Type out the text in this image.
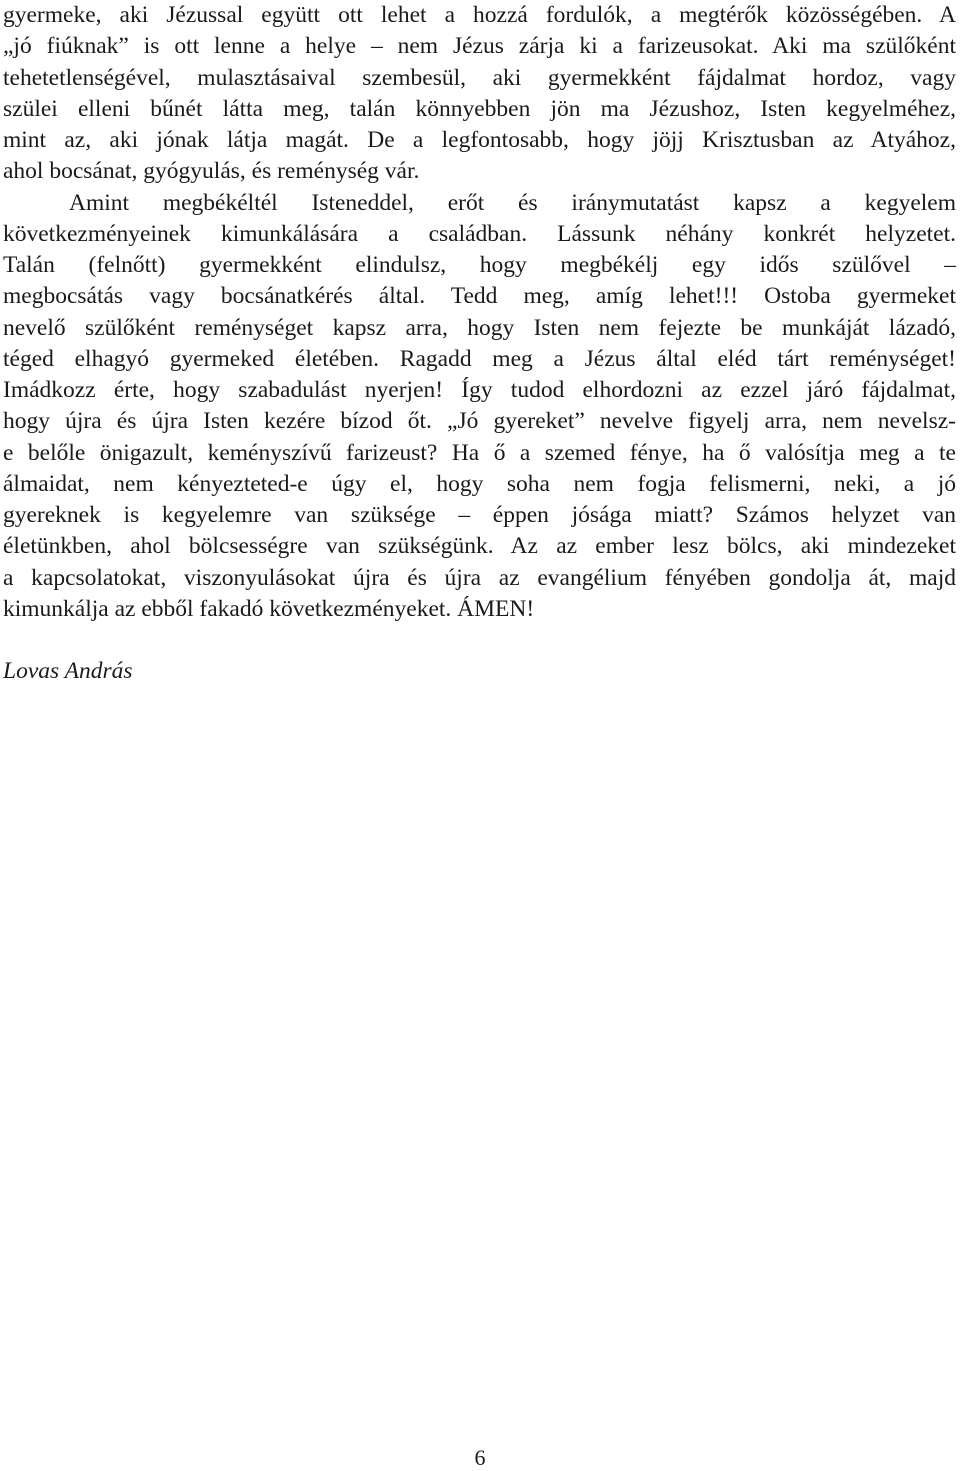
gyermeke, aki Jézussal együtt ott lehet a hozzá fordulók, a megtérők közösségében. A
„jó fiúknak” is ott lenne a helye – nem Jézus zárja ki a farizeusokat. Aki ma szülőként
tehetetlenségével, mulasztásaival szembesül, aki gyermekként fájdalmat hordoz, vagy
szülei elleni bűnét látta meg, talán könnyebben jön ma Jézushoz, Isten kegyelméhez,
mint az, aki jónak látja magát. De a legfontosabb, hogy jöjj Krisztusban az Atyához,
ahol bocsánat, gyógyulás, és reménység vár.
Amint megbékéltél Isteneddel, erőt és iránymutatást kapsz a kegyelem
következményeinek kimunkálására a családban. Lássunk néhány konkrét helyzetet.
Talán (felnőtt) gyermekként elindulsz, hogy megbékélj egy idős szülővel –
megbocsátás vagy bocsánatkérés által. Tedd meg, amíg lehet!!! Ostoba gyermeket
nevelő szülőként reménységet kapsz arra, hogy Isten nem fejezte be munkáját lázadó,
téged elhagyó gyermeked életében. Ragadd meg a Jézus által eléd tárt reménységet!
Imádkozz érte, hogy szabadulást nyerjen! Így tudod elhordozni az ezzel járó fájdalmat,
hogy újra és újra Isten kezére bízod őt. „Jó gyereket” nevelve figyelj arra, nem nevelsz-
e belőle önigazult, keményszívű farizeust? Ha ő a szemed fénye, ha ő valósítja meg a te
álmaidat, nem kényezteted-e úgy el, hogy soha nem fogja felismerni, neki, a jó
gyereknek is kegyelemre van szüksége – éppen jósága miatt? Számos helyzet van
életünkben, ahol bölcsességre van szükségünk. Az az ember lesz bölcs, aki mindezeket
a kapcsolatokat, viszonyulásokat újra és újra az evangélium fényében gondolja át, majd
kimunkálja az ebből fakadó következményeket. ÁMEN!
Lovas András
6
